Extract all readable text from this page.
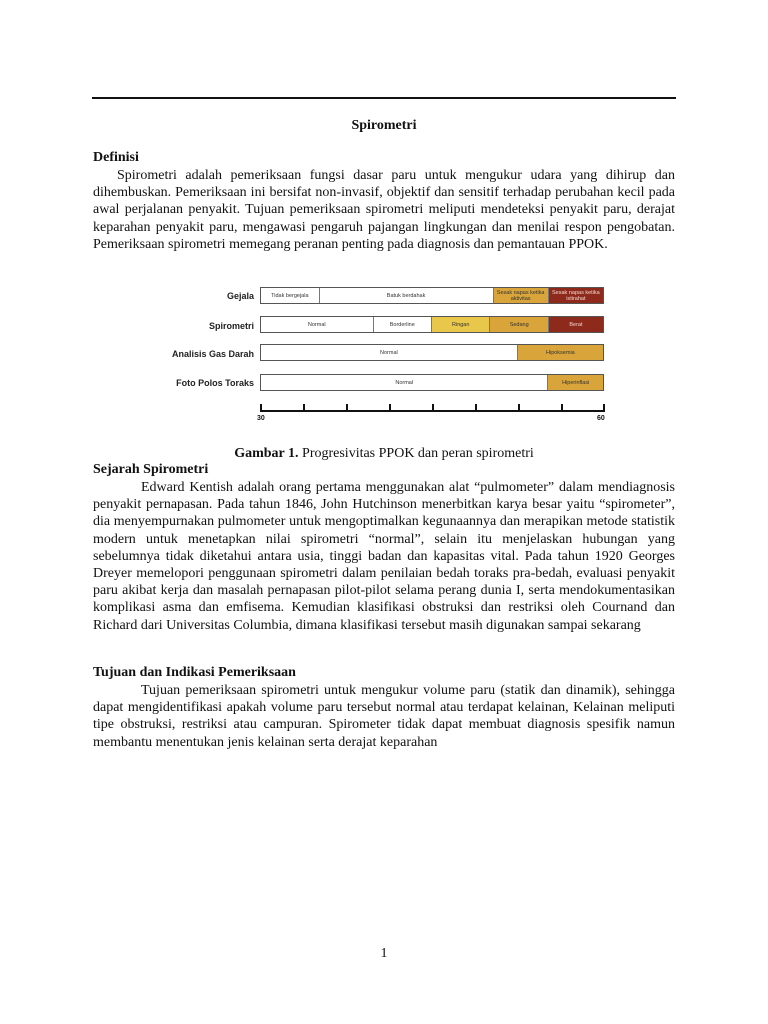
Spirometri
Definisi

Spirometri adalah pemeriksaan fungsi dasar paru untuk mengukur udara yang dihirup dan dihembuskan. Pemeriksaan ini bersifat non-invasif, objektif dan sensitif terhadap perubahan kecil pada awal perjalanan penyakit. Tujuan pemeriksaan spirometri meliputi mendeteksi penyakit paru, derajat keparahan penyakit paru, mengawasi pengaruh pajangan lingkungan dan menilai respon pengobatan. Pemeriksaan spirometri memegang peranan penting pada diagnosis dan pemantauan PPOK.

Gejala	Tidak bergejala	Batuk berdahak	Sesak napas ketika aktivitas
Sesak napas ketika istirahat
Spirometri	Normal	Borderline	Ringan	Sedang	Berat
Analisis Gas Darah	Normal	Hipoksemia
Foto Polos Toraks	Normal	Hiperinflasi
30	60
Gambar 1. Progresivitas PPOK dan peran spirometri
Sejarah Spirometri

Edward Kentish adalah orang pertama menggunakan alat “pulmometer” dalam mendiagnosis penyakit pernapasan. Pada tahun 1846, John Hutchinson menerbitkan karya besar yaitu “spirometer”, dia menyempurnakan pulmometer untuk mengoptimalkan kegunaannya dan merapikan metode statistik modern untuk menetapkan nilai spirometri “normal”, selain itu menjelaskan hubungan yang sebelumnya tidak diketahui antara usia, tinggi badan dan kapasitas vital. Pada tahun 1920 Georges Dreyer memelopori penggunaan spirometri dalam penilaian bedah toraks pra-bedah, evaluasi penyakit paru akibat kerja dan masalah pernapasan pilot-pilot selama perang dunia I, serta mendokumentasikan komplikasi asma dan emfisema. Kemudian klasifikasi obstruksi dan restriksi oleh Cournand dan Richard dari Universitas Columbia, dimana klasifikasi tersebut masih digunakan sampai sekarang

Tujuan dan Indikasi Pemeriksaan

Tujuan pemeriksaan spirometri untuk mengukur volume paru (statik dan dinamik), sehingga dapat mengidentifikasi apakah volume paru tersebut normal atau terdapat kelainan, Kelainan meliputi tipe obstruksi, restriksi atau campuran. Spirometer tidak dapat membuat diagnosis spesifik namun membantu menentukan jenis kelainan serta derajat keparahan

1
